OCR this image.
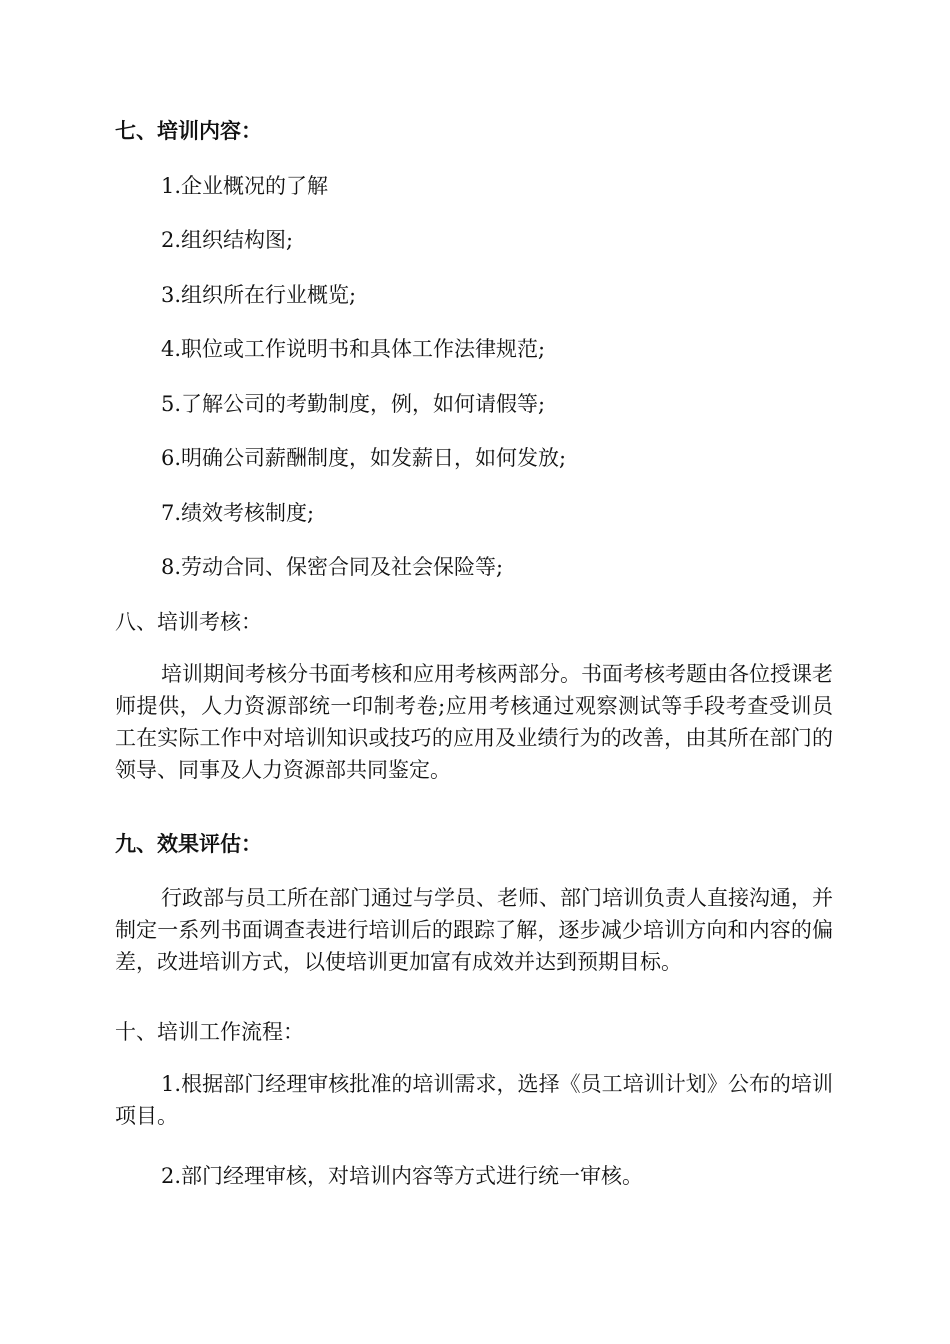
七、培训内容：
1.企业概况的了解
2.组织结构图;
3.组织所在行业概览;
4.职位或工作说明书和具体工作法律规范;
5.了解公司的考勤制度，例，如何请假等;
6.明确公司薪酬制度，如发薪日，如何发放;
7.绩效考核制度;
8.劳动合同、保密合同及社会保险等;
八、培训考核：
培训期间考核分书面考核和应用考核两部分。书面考核考题由各位授课老师提供，人力资源部统一印制考卷;应用考核通过观察测试等手段考查受训员工在实际工作中对培训知识或技巧的应用及业绩行为的改善，由其所在部门的领导、同事及人力资源部共同鉴定。
九、效果评估：
行政部与员工所在部门通过与学员、老师、部门培训负责人直接沟通，并制定一系列书面调查表进行培训后的跟踪了解，逐步减少培训方向和内容的偏差，改进培训方式，以使培训更加富有成效并达到预期目标。
十、培训工作流程：
1.根据部门经理审核批准的培训需求，选择《员工培训计划》公布的培训项目。
2.部门经理审核，对培训内容等方式进行统一审核。
